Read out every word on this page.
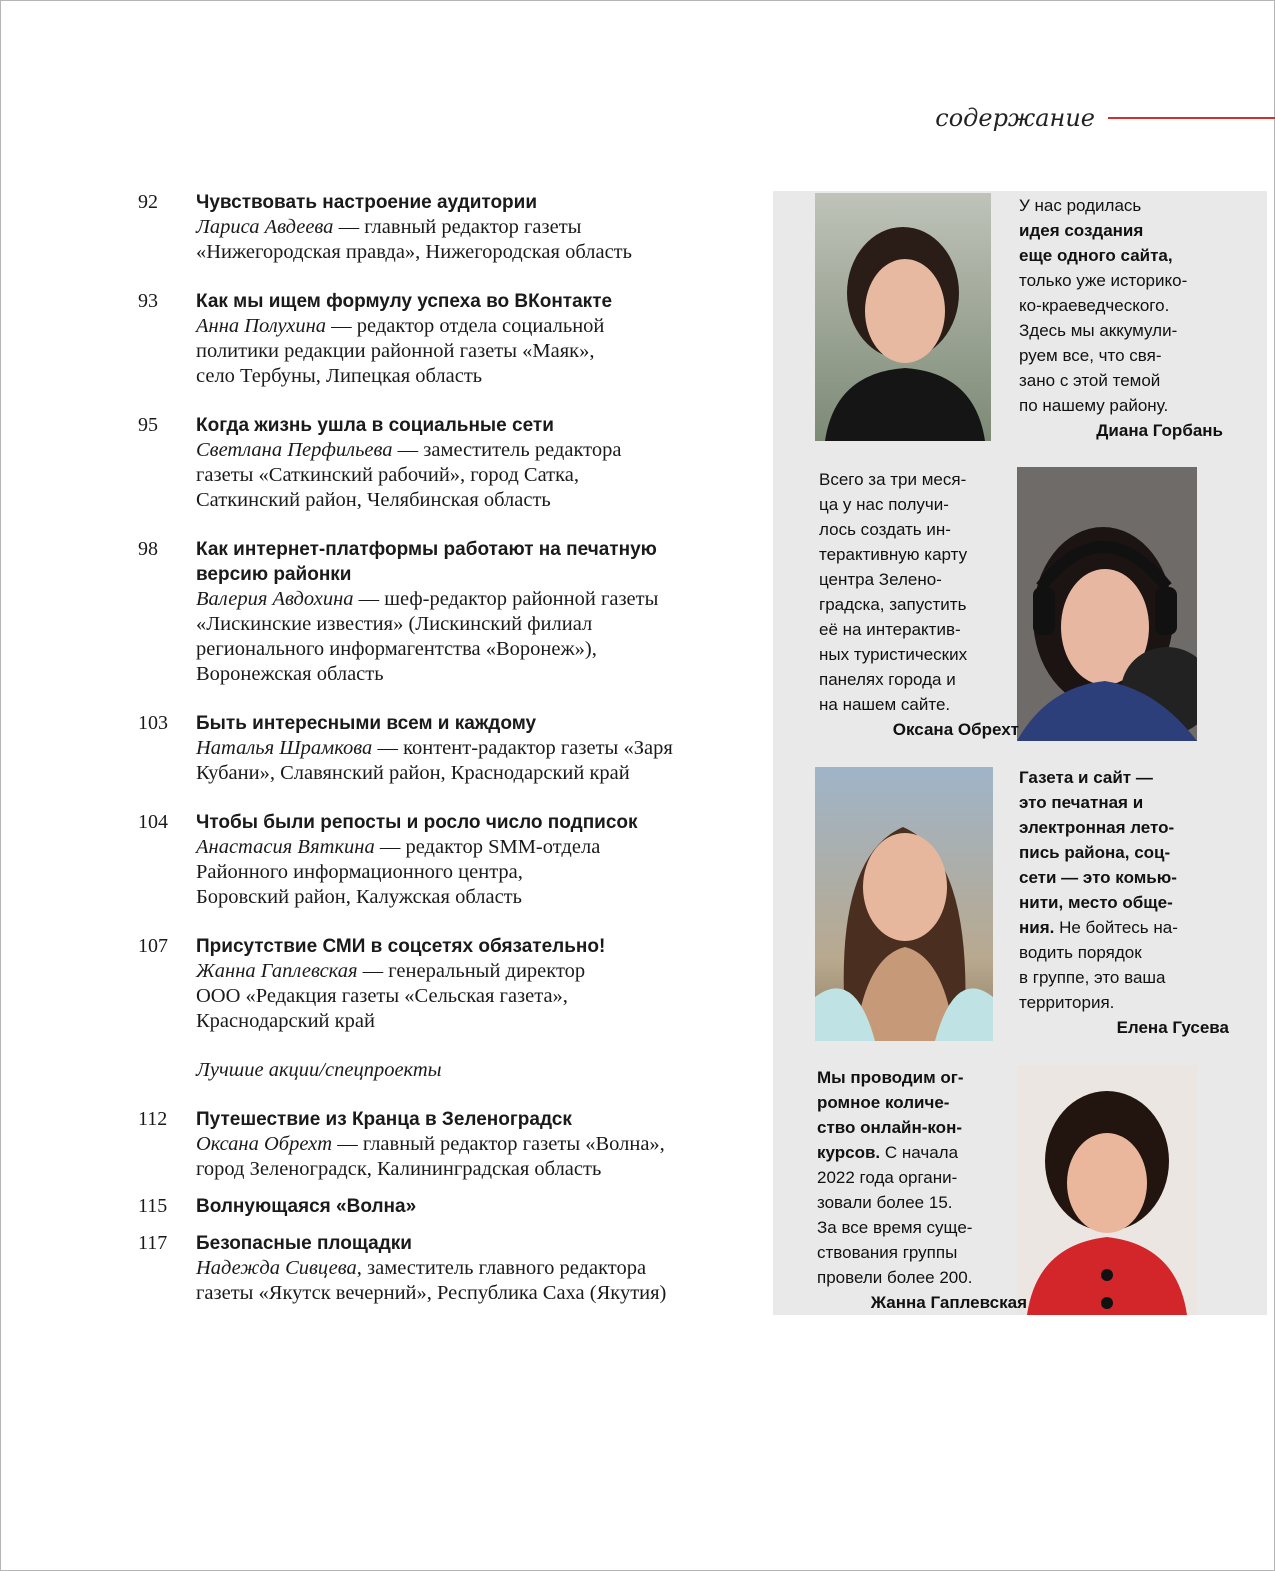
содержание
92	Чувствовать настроение аудитории
Лариса Авдеева — главный редактор газеты
«Нижегородская правда», Нижегородская область
93	Как мы ищем формулу успеха во ВКонтакте
Анна Полухина — редактор отдела социальной
политики редакции районной газеты «Маяк»,
село Тербуны, Липецкая область
95	Когда жизнь ушла в социальные сети
Светлана Перфильева — заместитель редактора
газеты «Саткинский рабочий», город Сатка,
Саткинский район, Челябинская область
98	Как интернет-платформы работают на печатную
версию районки
Валерия Авдохина — шеф-редактор районной газеты
«Лискинские известия» (Лискинский филиал
регионального информагентства «Воронеж»),
Воронежская область
103	Быть интересными всем и каждому
Наталья Шрамкова — контент-радактор газеты «Заря
Кубани», Славянский район, Краснодарский край
104	Чтобы были репосты и росло число подписок
Анастасия Вяткина — редактор SMM-отдела
Районного информационного центра,
Боровский район, Калужская область
107	Присутствие СМИ в соцсетях обязательно!
Жанна Гаплевская — генеральный директор
ООО «Редакция газеты «Сельская газета»,
Краснодарский край
Лучшие акции/спецпроекты
112	Путешествие из Кранца в Зеленоградск
Оксана Обрехт — главный редактор газеты «Волна»,
город Зеленоградск, Калининградская область
115	Волнующаяся «Волна»
117	Безопасные площадки
Надежда Сивцева, заместитель главного редактора
газеты «Якутск вечерний», Республика Саха (Якутия)
У нас родилась
идея создания
еще одного сайта,
только уже историко-
ко-краеведческого.
Здесь мы аккумули-
руем все, что свя-
зано с этой темой
по нашему району.
Диана Горбань
Всего за три меся-
ца у нас получи-
лось создать ин-
терактивную карту
центра Зелено-
градска, запустить
её на интерактив-
ных туристических
панелях города и
на нашем сайте.
Оксана Обрехт
Газета и сайт —
это печатная и
электронная лето-
пись района, соц-
сети — это комью-
нити, место обще-
ния. Не бойтесь на-
водить порядок
в группе, это ваша
территория.
Елена Гусева
Мы проводим ог-
ромное количе-
ство онлайн-кон-
курсов. С начала
2022 года органи-
зовали более 15.
За все время суще-
ствования группы
провели более 200.
Жанна Гаплевская
